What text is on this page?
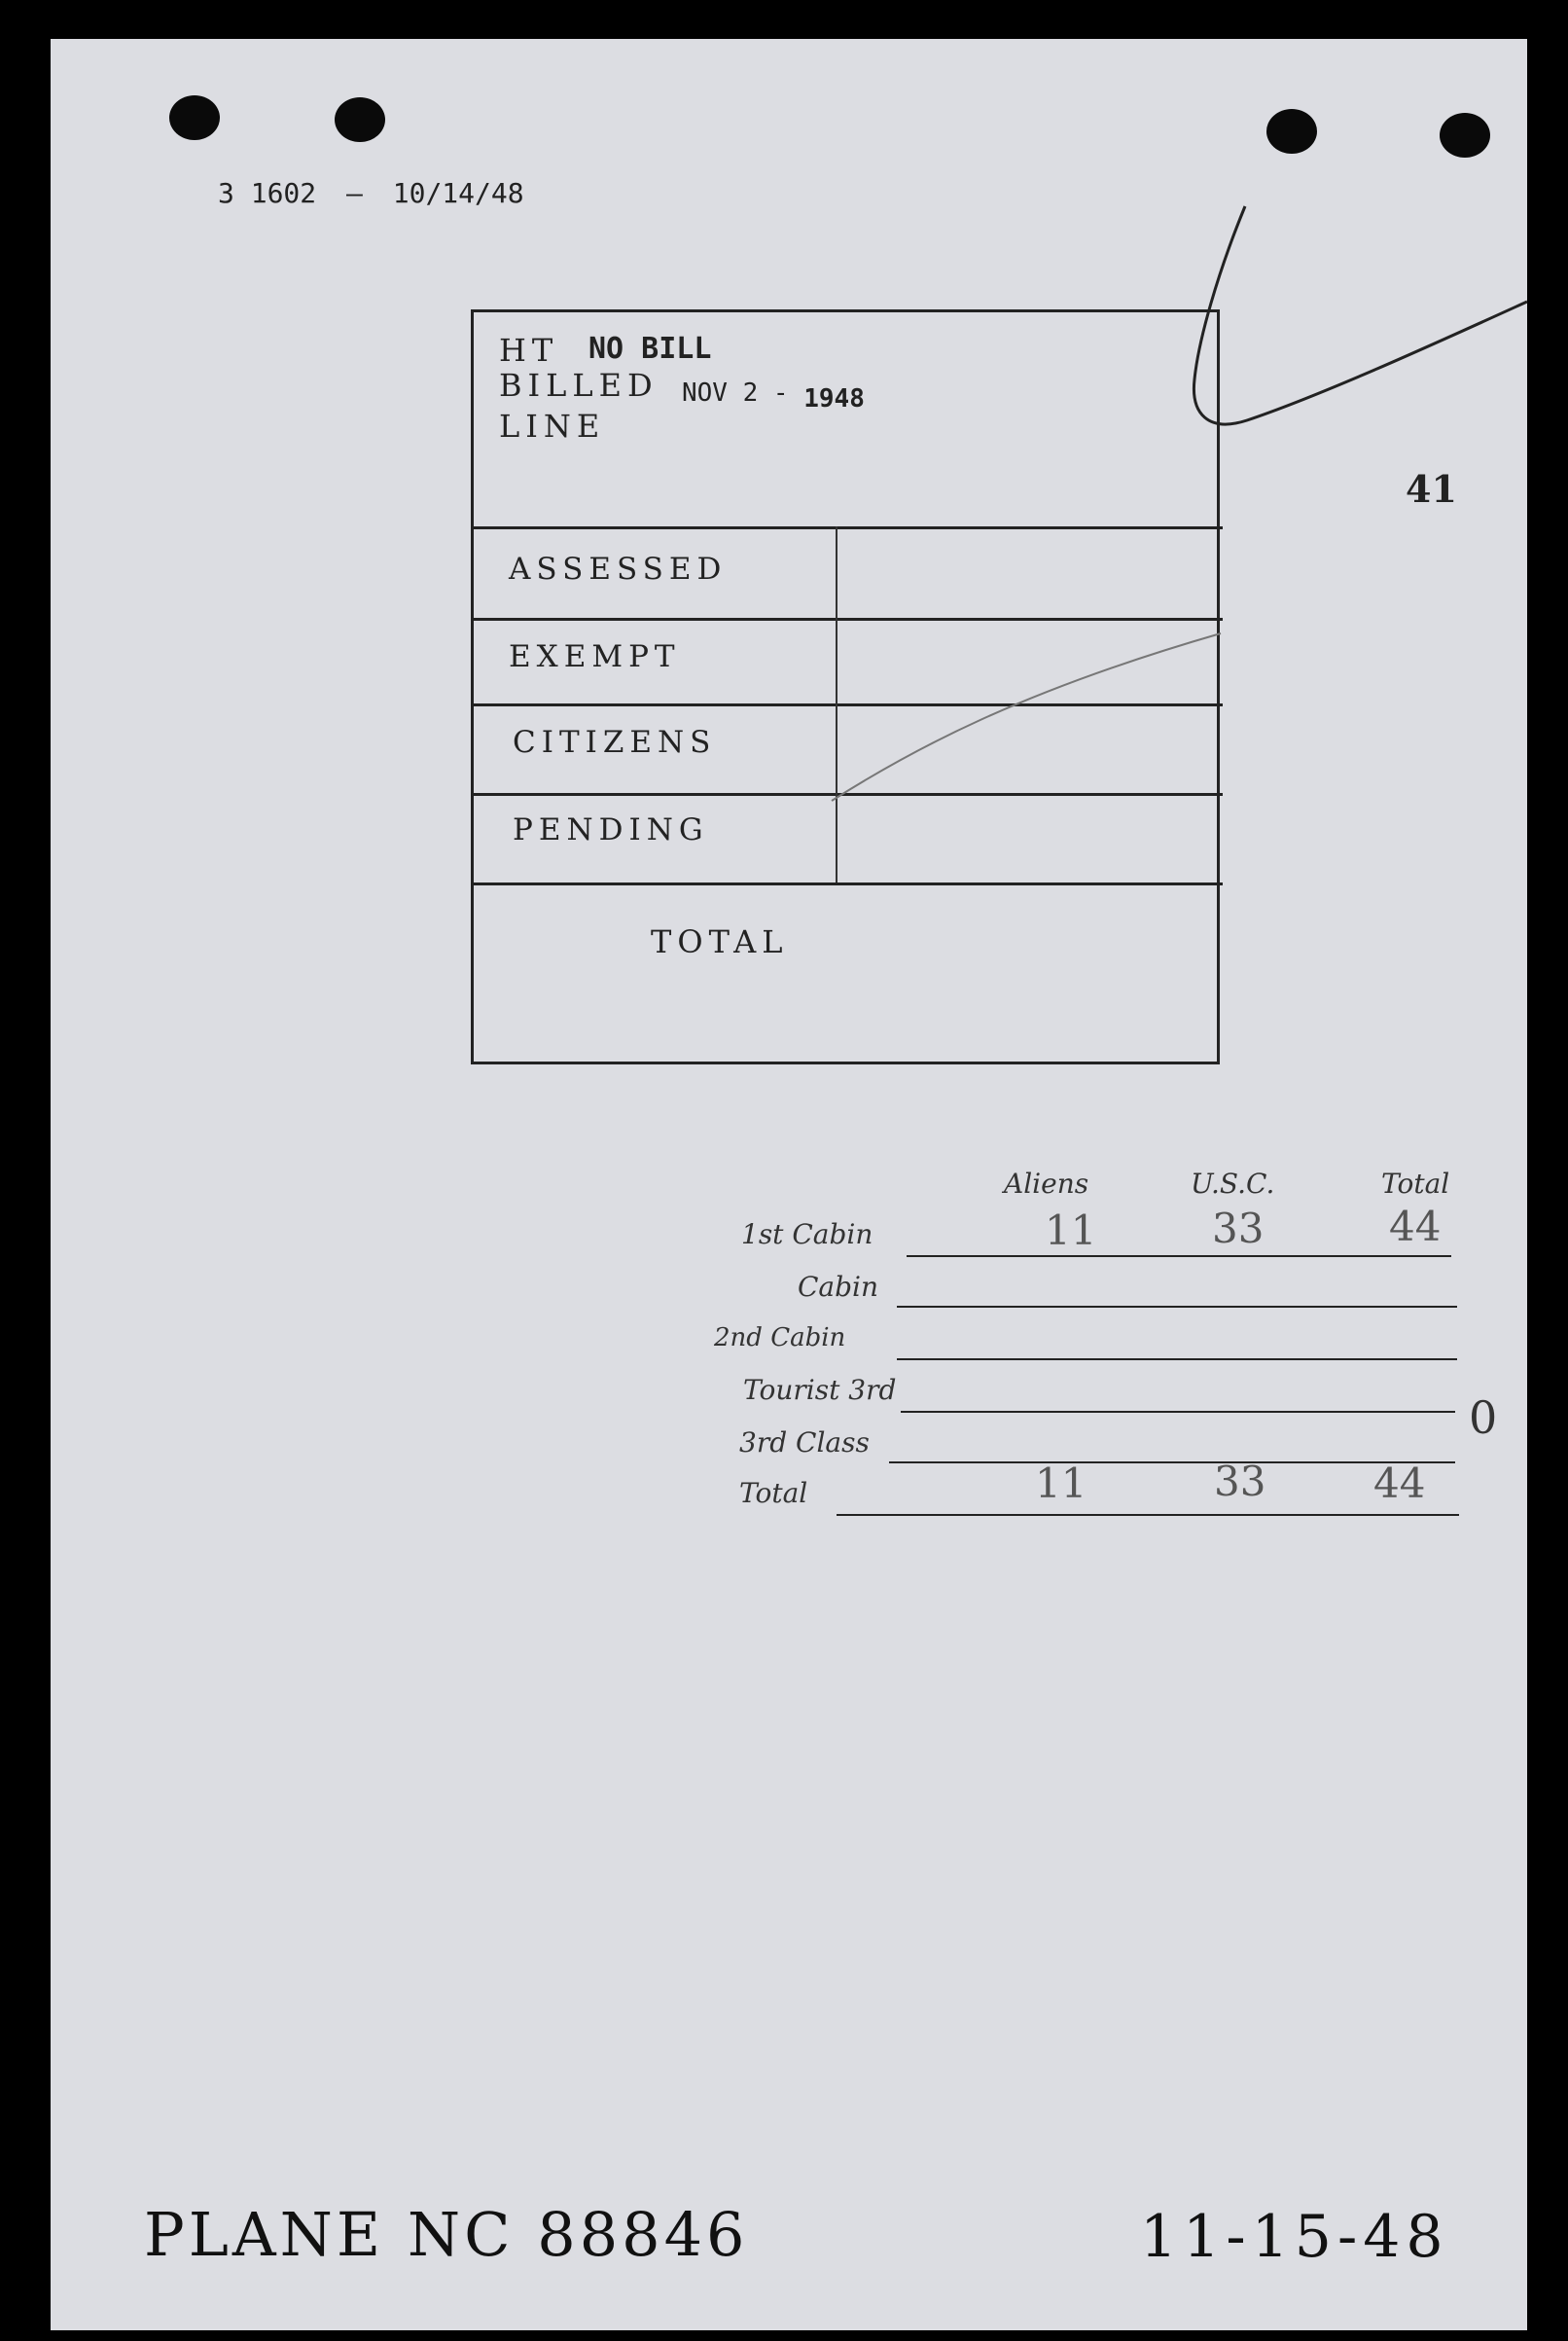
3 1602 — 10/14/48
41
HT NO BILL
BILLED
LINE
NOV 2 - 1948
ASSESSED
EXEMPT
CITIZENS
PENDING
TOTAL
Aliens	U.S.C.	Total
1st Cabin	11	33	44
Cabin
2nd Cabin
Tourist 3rd
3rd Class	0
Total	11	33	44
PLANE NC 88846	11-15-48
